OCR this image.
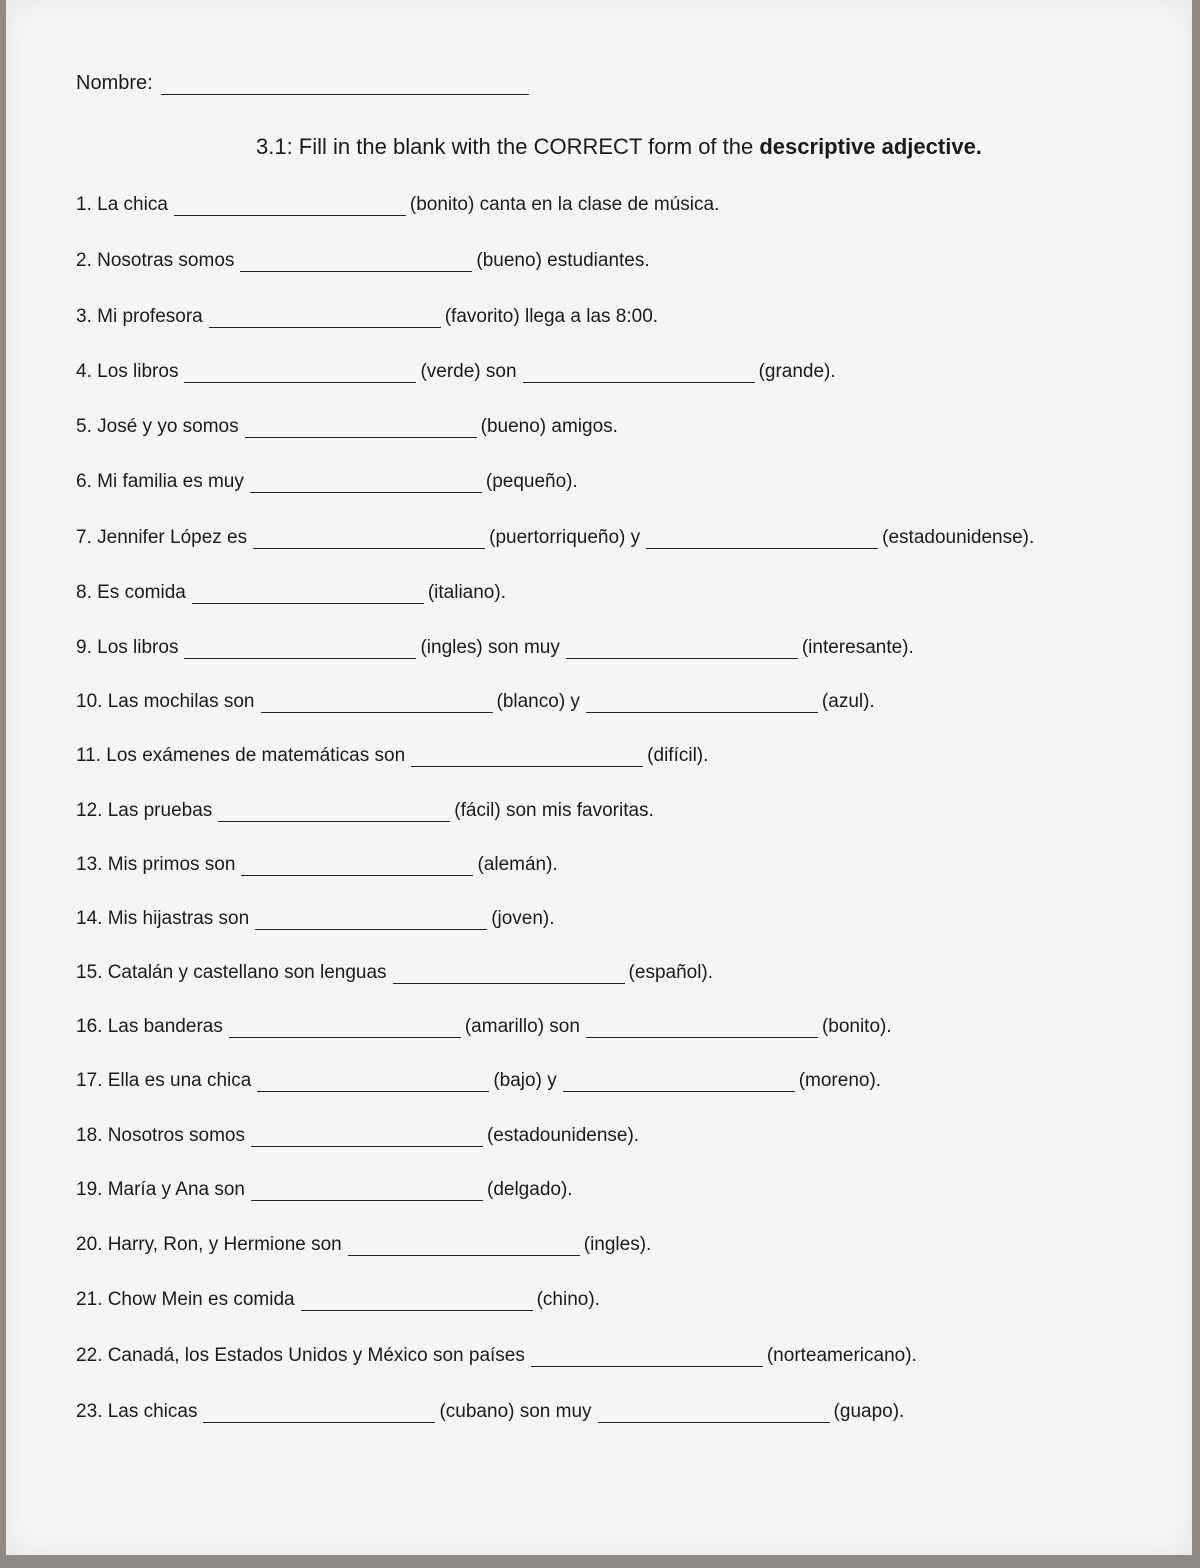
Nombre:
3.1: Fill in the blank with the CORRECT form of the descriptive adjective.
1. La chica	(bonito) canta en la clase de música.
2. Nosotras somos	(bueno) estudiantes.
3. Mi profesora	(favorito) llega a las 8:00.
4. Los libros	(verde) son	(grande).
5. José y yo somos	(bueno) amigos.
6. Mi familia es muy	(pequeño).
7. Jennifer López es	(puertorriqueño) y	(estadounidense).
8. Es comida	(italiano).
9. Los libros	(ingles) son muy	(interesante).
10. Las mochilas son	(blanco) y	(azul).
11. Los exámenes de matemáticas son	(difícil).
12. Las pruebas	(fácil) son mis favoritas.
13. Mis primos son	(alemán).
14. Mis hijastras son	(joven).
15. Catalán y castellano son lenguas	(español).
16. Las banderas	(amarillo) son	(bonito).
17. Ella es una chica	(bajo) y	(moreno).
18. Nosotros somos	(estadounidense).
19. María y Ana son	(delgado).
20. Harry, Ron, y Hermione son	(ingles).
21. Chow Mein es comida	(chino).
22. Canadá, los Estados Unidos y México son países	(norteamericano).
23. Las chicas	(cubano) son muy	(guapo).
